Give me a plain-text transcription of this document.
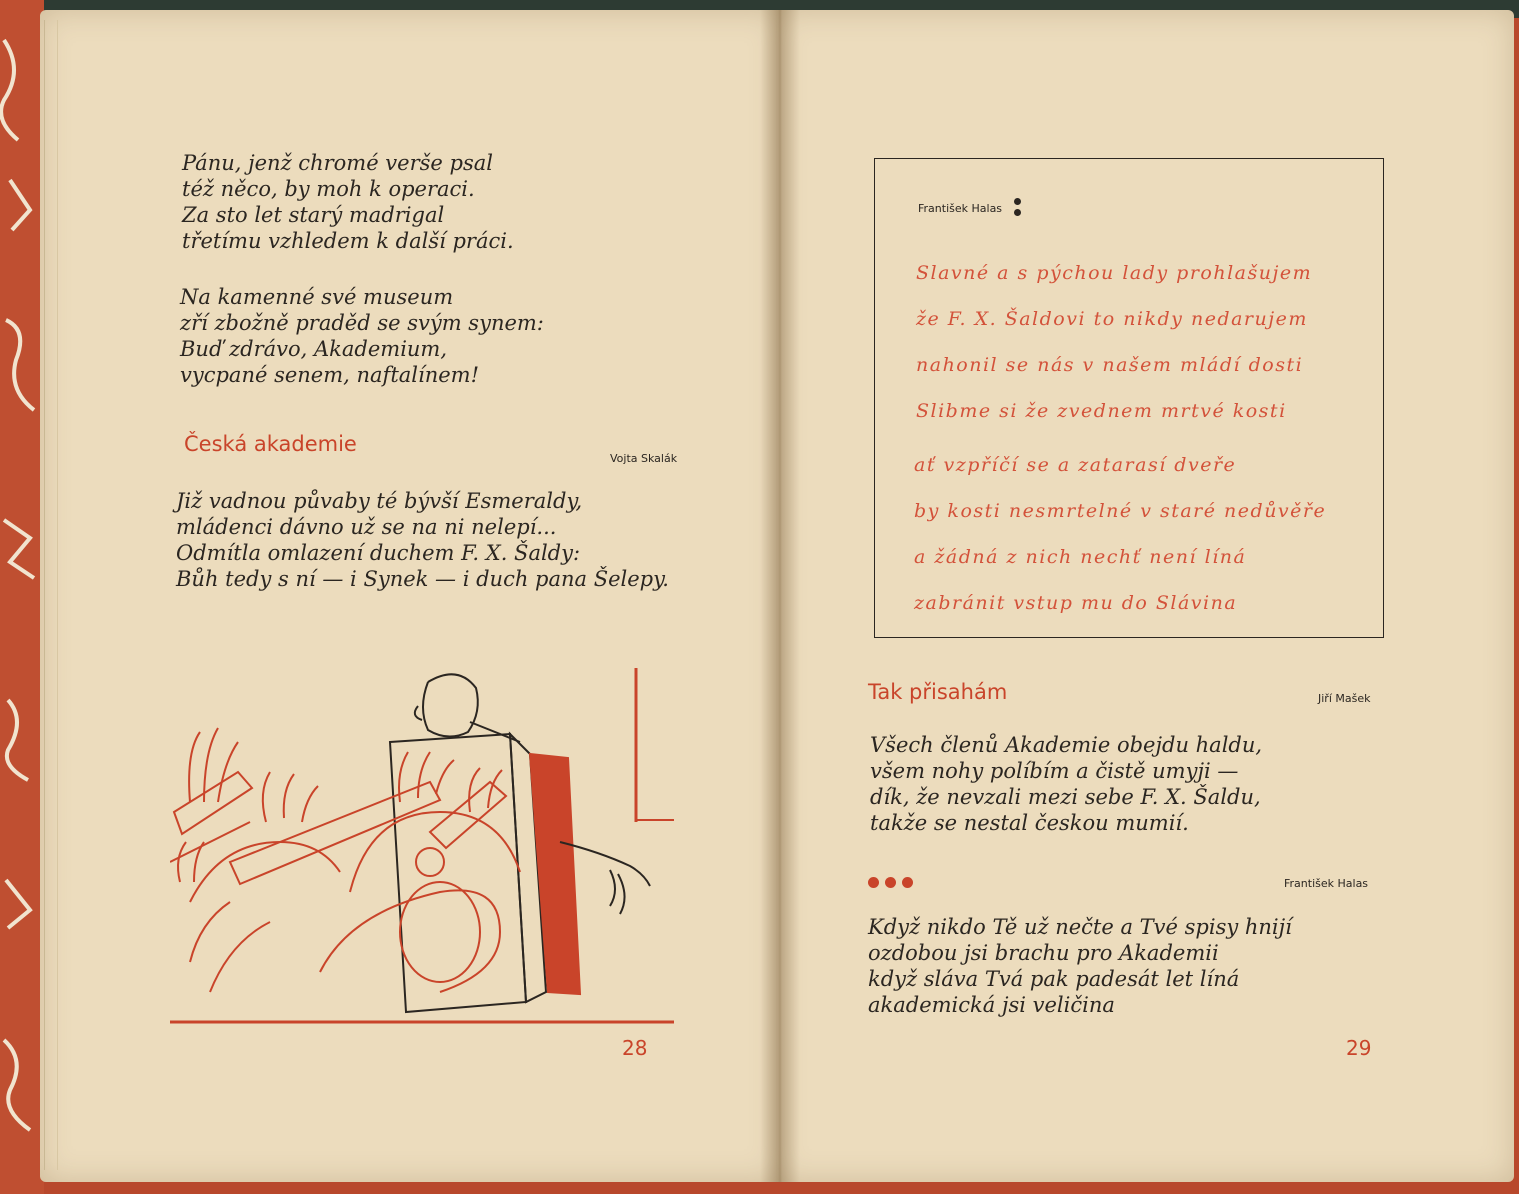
Pánu, jenž chromé verše psal
též něco, by moh k operaci.
Za sto let starý madrigal
třetímu vzhledem k další práci.
Na kamenné své museum
zří zbožně praděd se svým synem:
Buď zdrávo, Akademium,
vycpané senem, naftalínem!
Česká akademie
Vojta Skalák
Již vadnou půvaby té bývší Esmeraldy,
mládenci dávno už se na ni nelepí...
Odmítla omlazení duchem F. X. Šaldy:
Bůh tedy s ní — i Synek — i duch pana Šelepy.
28
František Halas
Slavné a s pýchou lady prohlašujem
že F. X. Šaldovi to nikdy nedarujem
nahonil se nás v našem mládí dosti
Slibme si že zvednem mrtvé kosti
ať vzpříčí se a zatarasí dveře
by kosti nesmrtelné v staré nedůvěře
a žádná z nich nechť není líná
zabránit vstup mu do Slávina
Tak přisahám	Jiří Mašek
Všech členů Akademie obejdu haldu,
všem nohy políbím a čistě umyji —
dík, že nevzali mezi sebe F. X. Šaldu,
takže se nestal českou mumií.
František Halas
Když nikdo Tě už nečte a Tvé spisy hnijí
ozdobou jsi brachu pro Akademii
když sláva Tvá pak padesát let líná
akademická jsi veličina
29
